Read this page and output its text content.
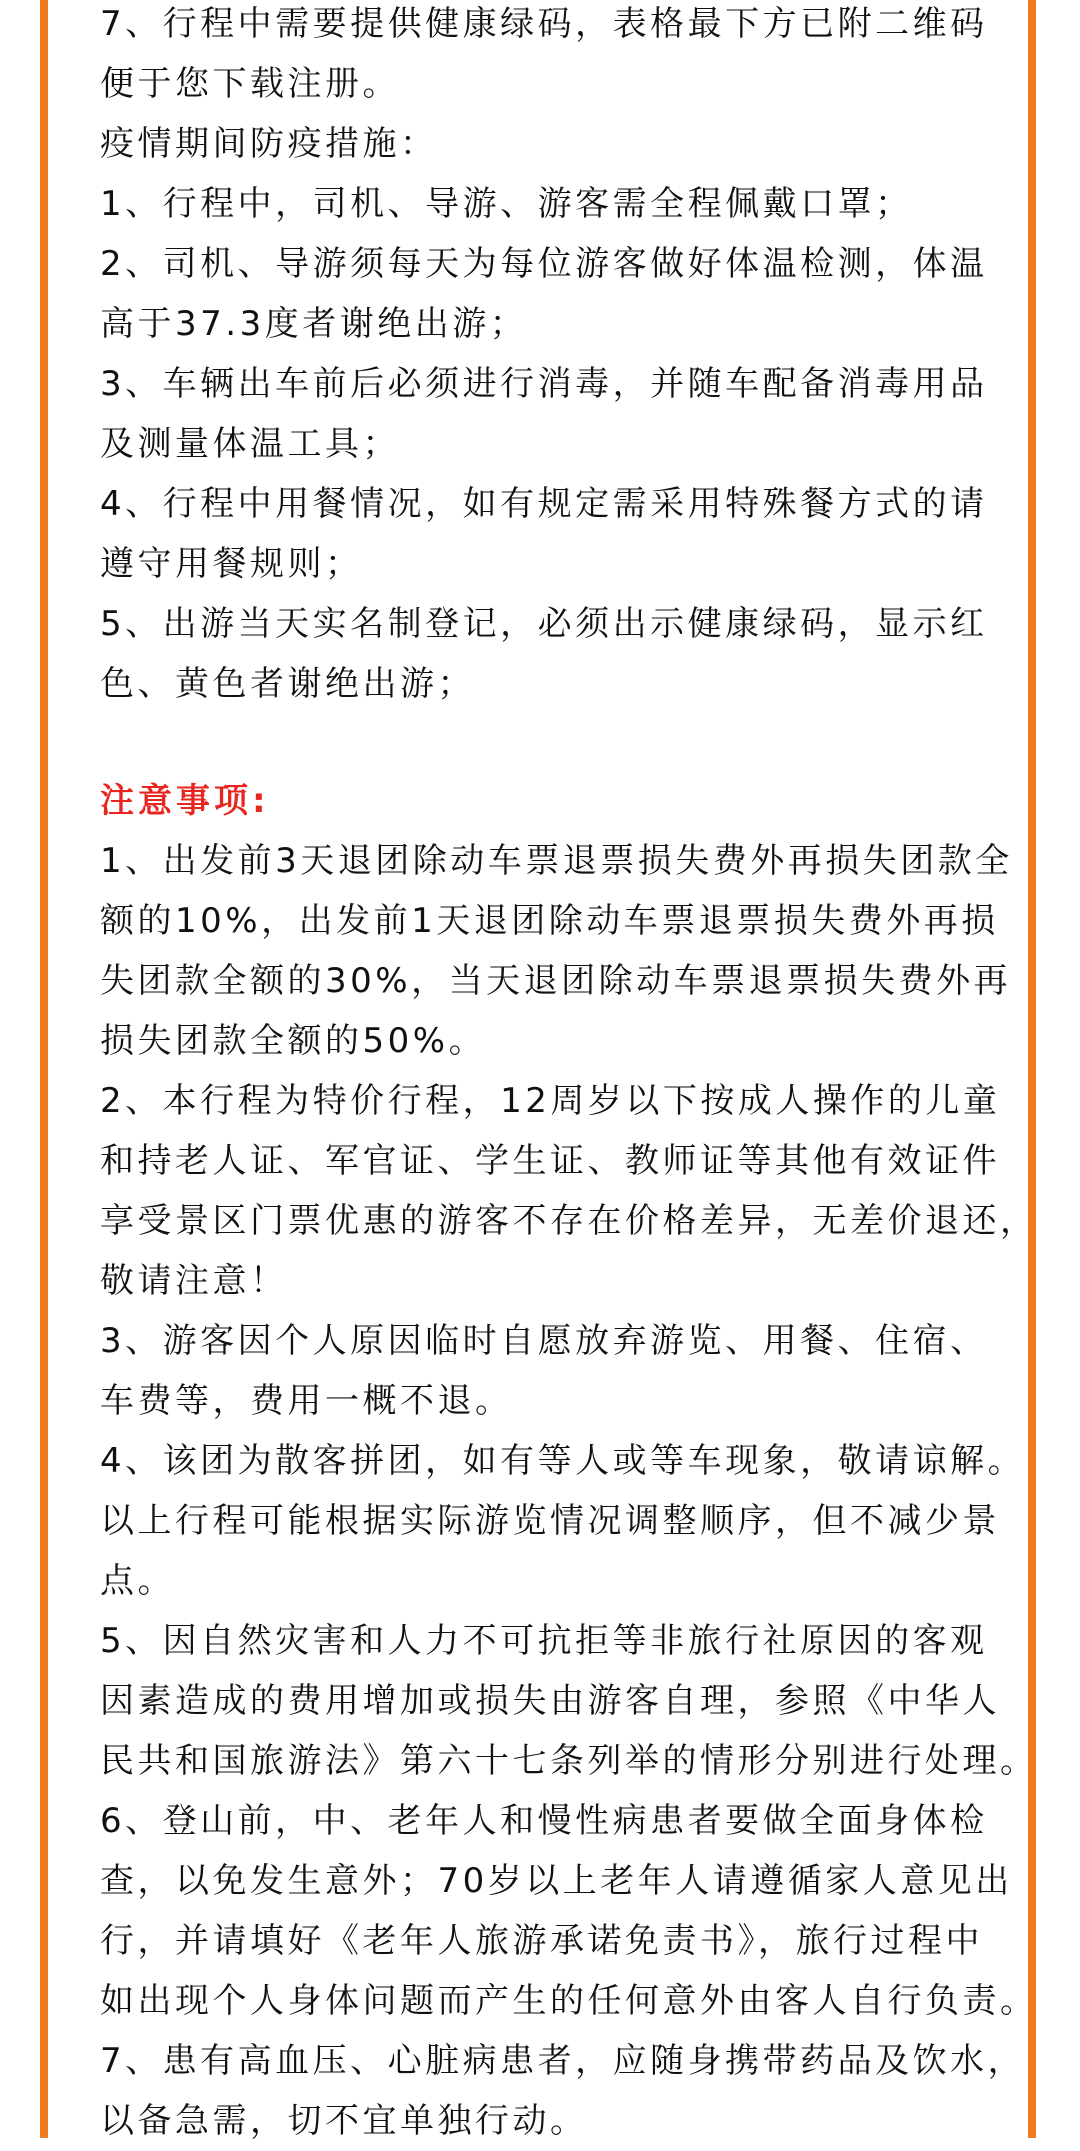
7、行程中需要提供健康绿码，表格最下方已附二维码
便于您下载注册。
疫情期间防疫措施：
1、行程中，司机、导游、游客需全程佩戴口罩；
2、司机、导游须每天为每位游客做好体温检测，体温
高于37.3度者谢绝出游；
3、车辆出车前后必须进行消毒，并随车配备消毒用品
及测量体温工具；
4、行程中用餐情况，如有规定需采用特殊餐方式的请
遵守用餐规则；
5、出游当天实名制登记，必须出示健康绿码，显示红
色、黄色者谢绝出游；
注意事项:
1、出发前3天退团除动车票退票损失费外再损失团款全
额的10%，出发前1天退团除动车票退票损失费外再损
失团款全额的30%，当天退团除动车票退票损失费外再
损失团款全额的50%。
2、本行程为特价行程，12周岁以下按成人操作的儿童
和持老人证、军官证、学生证、教师证等其他有效证件
享受景区门票优惠的游客不存在价格差异，无差价退还，
敬请注意！
3、游客因个人原因临时自愿放弃游览、用餐、住宿、
车费等，费用一概不退。
4、该团为散客拼团，如有等人或等车现象，敬请谅解。
以上行程可能根据实际游览情况调整顺序，但不减少景
点。
5、因自然灾害和人力不可抗拒等非旅行社原因的客观
因素造成的费用增加或损失由游客自理，参照《中华人
民共和国旅游法》第六十七条列举的情形分别进行处理。
6、登山前，中、老年人和慢性病患者要做全面身体检
查，以免发生意外；70岁以上老年人请遵循家人意见出
行，并请填好《老年人旅游承诺免责书》，旅行过程中
如出现个人身体问题而产生的任何意外由客人自行负责。
7、患有高血压、心脏病患者，应随身携带药品及饮水，
以备急需，切不宜单独行动。
